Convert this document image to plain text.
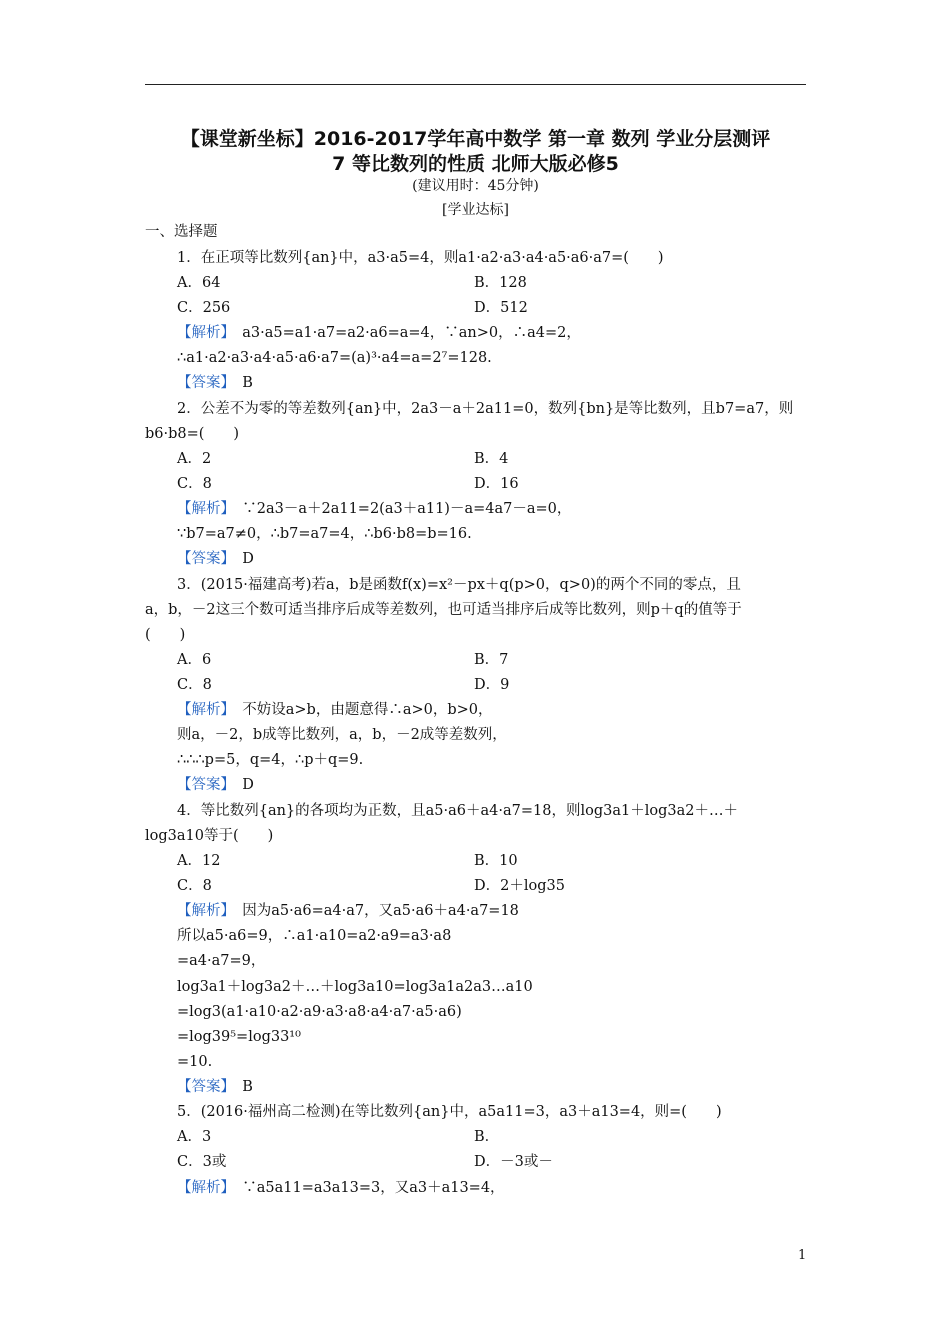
【课堂新坐标】2016-2017学年高中数学 第一章 数列 学业分层测评
7 等比数列的性质 北师大版必修5
(建议用时：45分钟)
[学业达标]
一、选择题
1．在正项等比数列{an}中，a3·a5=4，则a1·a2·a3·a4·a5·a6·a7=(　　)
A．64	B．128
C．256	D．512
【解析】　a3·a5=a1·a7=a2·a6=a=4，∵an>0，∴a4=2，
∴a1·a2·a3·a4·a5·a6·a7=(a)³·a4=a=2⁷=128.
【答案】　B
2．公差不为零的等差数列{an}中，2a3－a＋2a11=0，数列{bn}是等比数列，且b7=a7，则
b6·b8=(　　)
A．2	B．4
C．8	D．16
【解析】　∵2a3－a＋2a11=2(a3＋a11)－a=4a7－a=0，
∵b7=a7≠0，∴b7=a7=4，∴b6·b8=b=16.
【答案】　D
3．(2015·福建高考)若a，b是函数f(x)=x²－px＋q(p>0，q>0)的两个不同的零点，且
a，b，－2这三个数可适当排序后成等差数列，也可适当排序后成等比数列，则p＋q的值等于
(　　)
A．6	B．7
C．8	D．9
【解析】　不妨设a>b，由题意得∴a>0，b>0，
则a，－2，b成等比数列，a，b，－2成等差数列，
∴∴∴p=5，q=4，∴p＋q=9.
【答案】　D
4．等比数列{an}的各项均为正数，且a5·a6＋a4·a7=18，则log3a1＋log3a2＋…＋
log3a10等于(　　)
A．12	B．10
C．8	D．2＋log35
【解析】　因为a5·a6=a4·a7，又a5·a6＋a4·a7=18
所以a5·a6=9，∴a1·a10=a2·a9=a3·a8
=a4·a7=9，
log3a1＋log3a2＋…＋log3a10=log3a1a2a3…a10
=log3(a1·a10·a2·a9·a3·a8·a4·a7·a5·a6)
=log39⁵=log33¹⁰
=10.
【答案】　B
5．(2016·福州高二检测)在等比数列{an}中，a5a11=3，a3＋a13=4，则=(　　)
A．3	B．
C．3或	D．－3或－
【解析】　∵a5a11=a3a13=3，又a3＋a13=4，
1
